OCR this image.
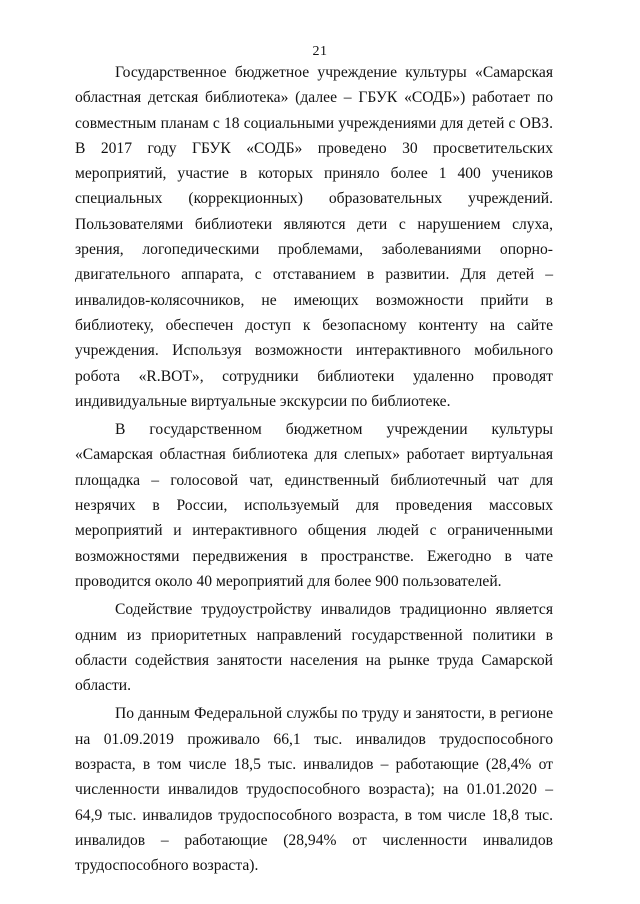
21

Государственное бюджетное учреждение культуры «Самарская областная детская библиотека» (далее – ГБУК «СОДБ») работает по совместным планам с 18 социальными учреждениями для детей с ОВЗ. В 2017 году ГБУК «СОДБ» проведено 30 просветительских мероприятий, участие в которых приняло более 1 400 учеников специальных (коррекционных) образовательных учреждений. Пользователями библиотеки являются дети с нарушением слуха, зрения, логопедическими проблемами, заболеваниями опорно-двигательного аппарата, с отставанием в развитии. Для детей – инвалидов-колясочников, не имеющих возможности прийти в библиотеку, обеспечен доступ к безопасному контенту на сайте учреждения. Используя возможности интерактивного мобильного робота «R.BOT», сотрудники библиотеки удаленно проводят индивидуальные виртуальные экскурсии по библиотеке.

В государственном бюджетном учреждении культуры «Самарская областная библиотека для слепых» работает виртуальная площадка – голосовой чат, единственный библиотечный чат для незрячих в России, используемый для проведения массовых мероприятий и интерактивного общения людей с ограниченными возможностями передвижения в пространстве. Ежегодно в чате проводится около 40 мероприятий для более 900 пользователей.

Содействие трудоустройству инвалидов традиционно является одним из приоритетных направлений государственной политики в области содействия занятости населения на рынке труда Самарской области.

По данным Федеральной службы по труду и занятости, в регионе на 01.09.2019 проживало 66,1 тыс. инвалидов трудоспособного возраста, в том числе 18,5 тыс. инвалидов – работающие (28,4% от численности инвалидов трудоспособного возраста); на 01.01.2020 – 64,9 тыс. инвалидов трудоспособного возраста, в том числе 18,8 тыс. инвалидов – работающие (28,94% от численности инвалидов трудоспособного возраста).
